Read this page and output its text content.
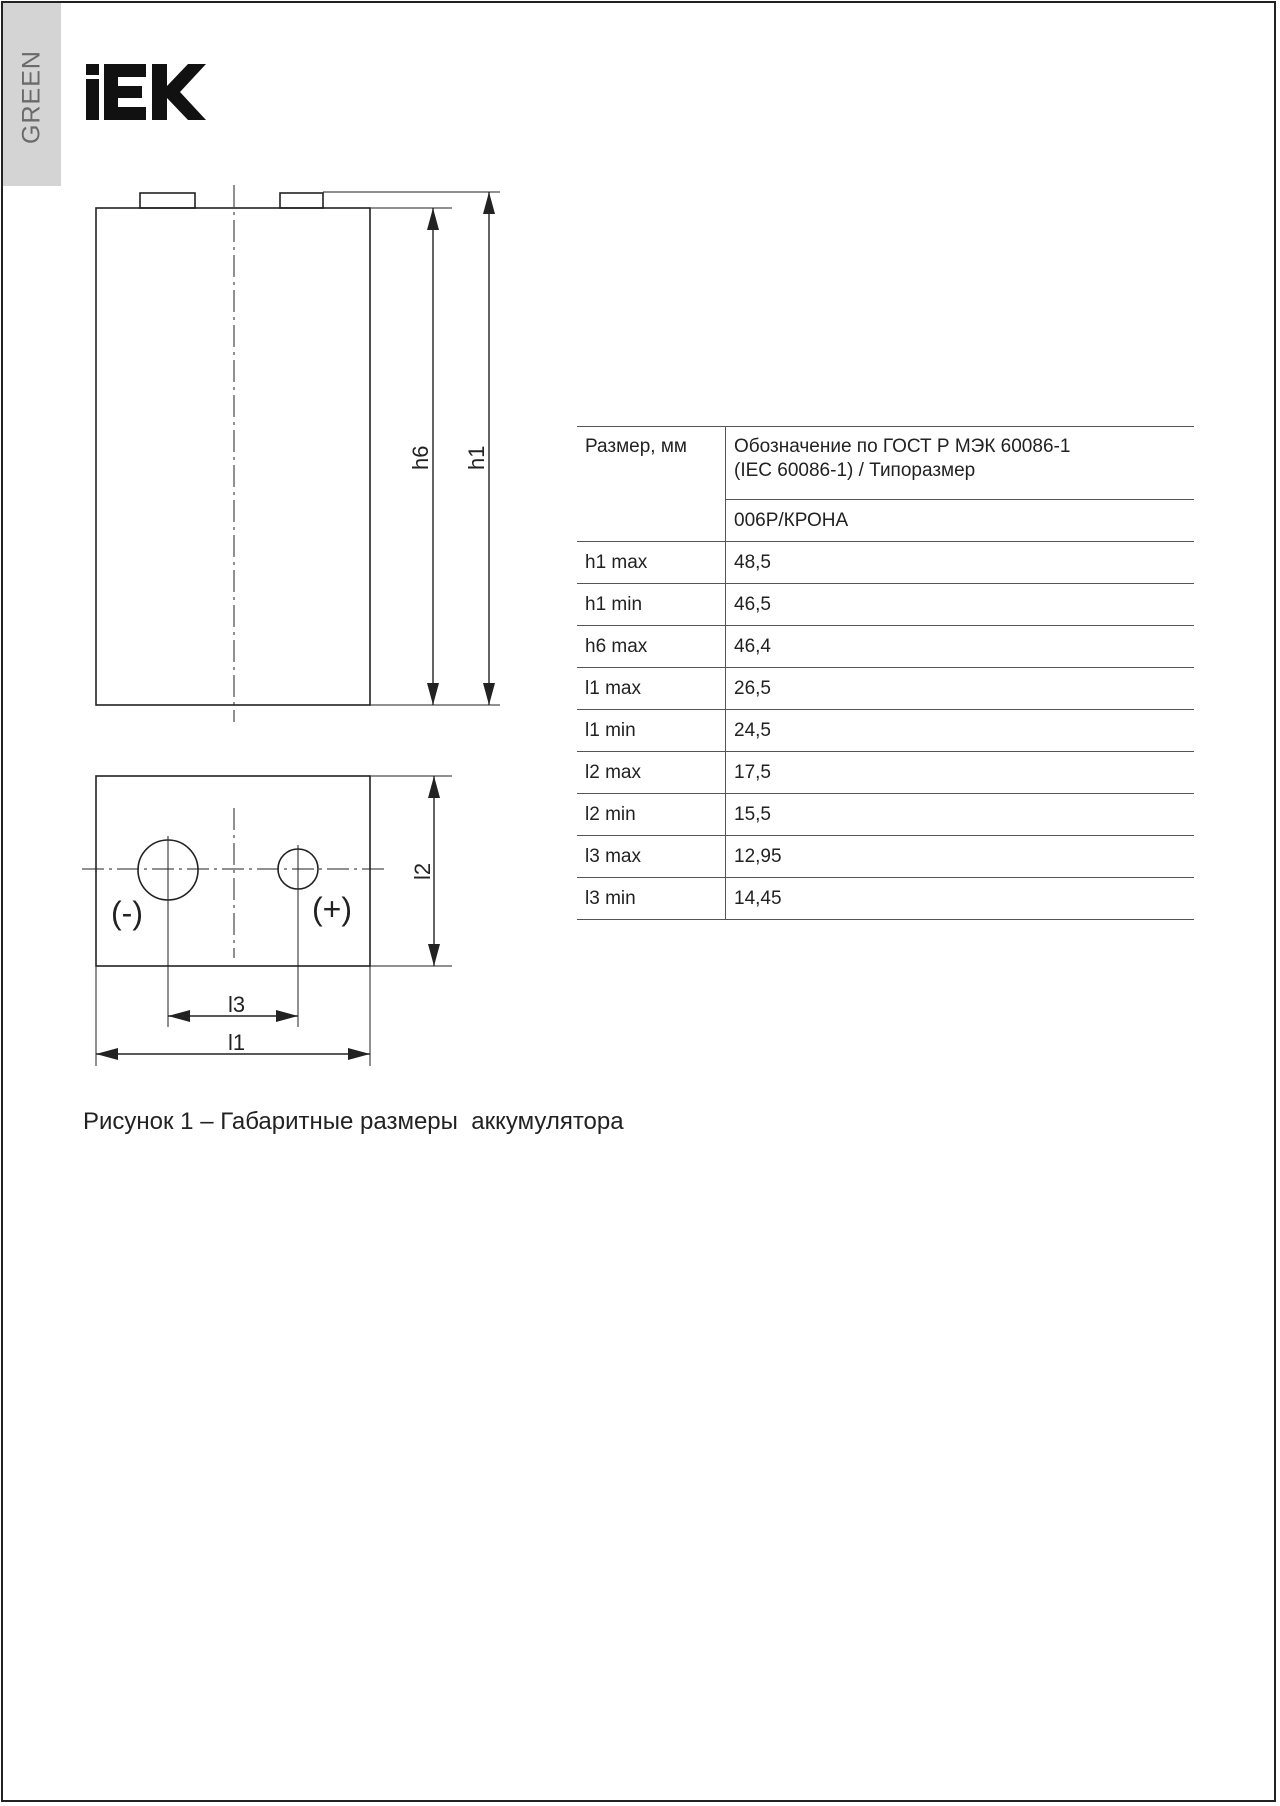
GREEN
h6 h1
l2
l3
l1
(-)	(+)
Размер, мм	Обозначение по ГОСТ Р МЭК 60086-1
(IEC 60086-1) / Типоразмер

	006P/КРОНА
h1 max	48,5
h1 min	46,5
h6 max	46,4
l1 max	26,5
l1 min	24,5
l2 max	17,5
l2 min	15,5
l3 max	12,95
l3 min	14,45
Рисунок 1 – Габаритные размеры  аккумулятора
